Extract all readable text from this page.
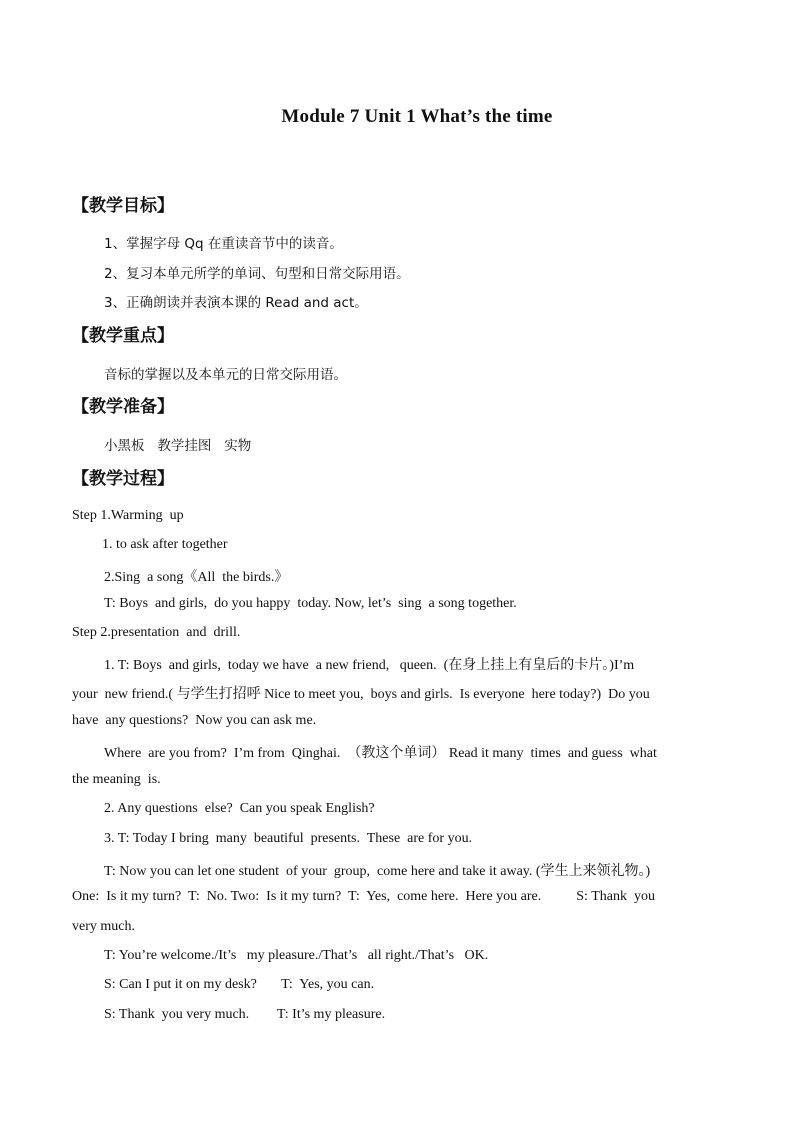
Module 7 Unit 1 What’s the time
【教学目标】
1、掌握字母 Qq 在重读音节中的读音。
2、复习本单元所学的单词、句型和日常交际用语。
3、正确朗读并表演本课的 Read and act。
【教学重点】
音标的掌握以及本单元的日常交际用语。
【教学准备】
小黑板   教学挂图   实物
【教学过程】
Step 1.Warming  up
1. to ask after together
2.Sing  a song《All  the birds.》
T: Boys  and girls,  do you happy  today. Now, let’s  sing  a song together.
Step 2.presentation  and  drill.
1. T: Boys  and girls,  today we have  a new friend,   queen.  (在身上挂上有皇后的卡片。)I’m
your  new friend.( 与学生打招呼 Nice to meet you,  boys and girls.  Is everyone  here today?)  Do you
have  any questions?  Now you can ask me.
Where  are you from?  I’m from  Qinghai.  （教这个单词） Read it many  times  and guess  what
the meaning  is.
2. Any questions  else?  Can you speak English?
3. T: Today I bring  many  beautiful  presents.  These  are for you.
T: Now you can let one student  of your  group,  come here and take it away. (学生上来领礼物。)
One:  Is it my turn?  T:  No. Two:  Is it my turn?  T:  Yes,  come here.  Here you are.          S: Thank  you
very much.
T: You’re welcome./It’s   my pleasure./That’s   all right./That’s   OK.
S: Can I put it on my desk?       T:  Yes, you can.
S: Thank  you very much.        T: It’s my pleasure.
